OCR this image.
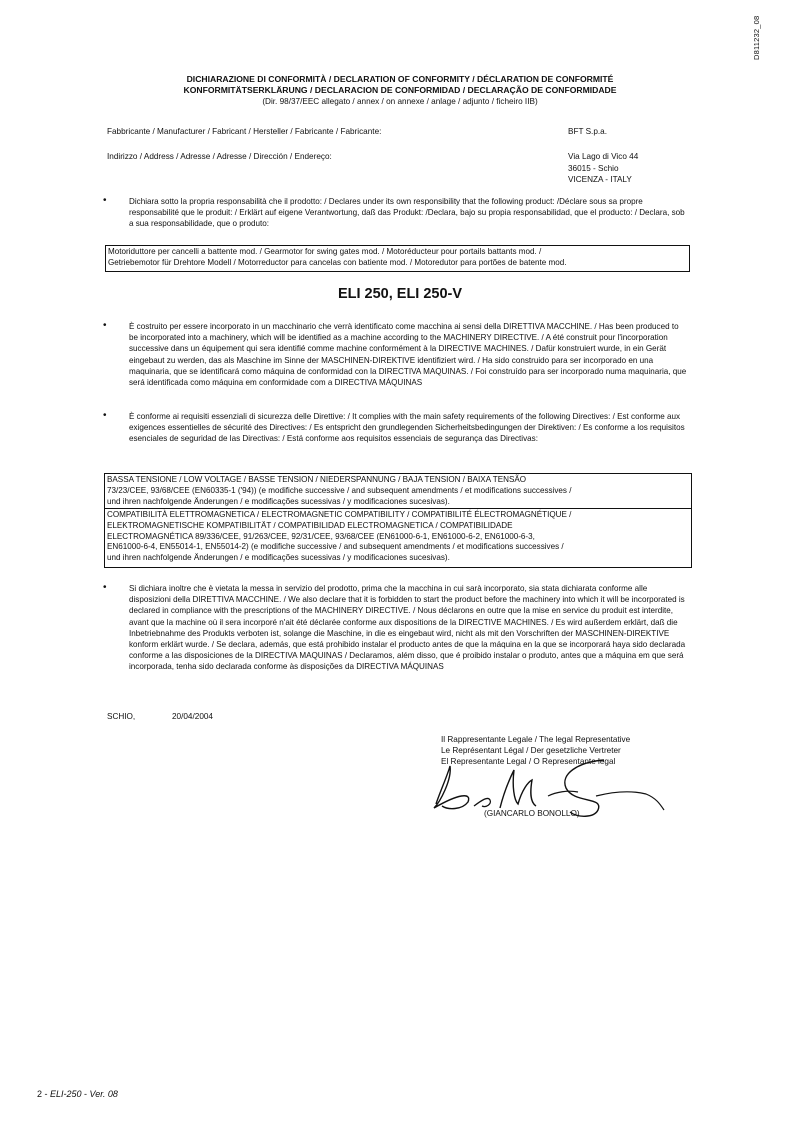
D811232_08
DICHIARAZIONE DI CONFORMITÀ / DECLARATION OF CONFORMITY / DÉCLARATION DE CONFORMITÉ
KONFORMITÄTSERKLÄRUNG / DECLARACION DE CONFORMIDAD / DECLARAÇÃO DE CONFORMIDADE
(Dir. 98/37/EEC allegato / annex / on annexe / anlage / adjunto / ficheiro IIB)
Fabbricante / Manufacturer / Fabricant / Hersteller / Fabricante / Fabricante:	BFT S.p.a.
Indirizzo / Address / Adresse / Adresse / Dirección / Endereço:	Via Lago di Vico 44
36015 - Schio
VICENZA - ITALY
•	Dichiara sotto la propria responsabilità che il prodotto: / Declares under its own responsibility that the following product: /Déclare sous sa propre responsabilité que le produit: / Erklärt auf eigene Verantwortung, daß das Produkt: /Declara, bajo su propia responsabilidad, que el producto: / Declara, sob a sua responsabilidade, que o produto:
Motoriduttore per cancelli a battente mod. / Gearmotor for swing gates mod. / Motoréducteur pour portails battants mod. /
Getriebemotor für Drehtore Modell / Motorreductor para cancelas con batiente mod. / Motoredutor para portões de batente mod.
ELI 250, ELI 250-V
•	È costruito per essere incorporato in un macchinario che verrà identificato come macchina ai sensi della DIRETTIVA MACCHINE. / Has been produced to be incorporated into a machinery, which will be identified as a machine according to the MACHINERY DIRECTIVE. / A été construit pour l'incorporation successive dans un équipement qui sera identifié comme machine conformément à la DIRECTIVE MACHINES. / Dafür konstruiert wurde, in ein Gerät eingebaut zu werden, das als Maschine im Sinne der MASCHINEN-DIREKTIVE identifiziert wird. / Ha sido construido para ser incorporado en una maquinaria, que se identificará como máquina de conformidad con la DIRECTIVA MAQUINAS. / Foi construído para ser incorporado numa maquinaria, que será identificada como máquina em conformidade com a DIRECTIVA MÁQUINAS
•	È conforme ai requisiti essenziali di sicurezza delle Direttive: / It complies with the main safety requirements of the following Directives: / Est conforme aux exigences essentielles de sécurité des Directives: / Es entspricht den grundlegenden Sicherheitsbedingungen der Direktiven: / Es conforme a los requisitos esenciales de seguridad de las Directivas: / Está conforme aos requisitos essenciais de segurança das Directivas:
BASSA TENSIONE / LOW VOLTAGE / BASSE TENSION / NIEDERSPANNUNG / BAJA TENSION / BAIXA TENSÃO
73/23/CEE, 93/68/CEE (EN60335-1 ('94)) (e modifiche successive / and subsequent amendments / et modifications successives /
und ihren nachfolgende Änderungen / e modificações sucessivas / y modificaciones sucesivas).
COMPATIBILITÀ ELETTROMAGNETICA / ELECTROMAGNETIC COMPATIBILITY / COMPATIBILITÉ ÉLECTROMAGNÉTIQUE /
ELEKTROMAGNETISCHE KOMPATIBILITÄT / COMPATIBILIDAD ELECTROMAGNETICA / COMPATIBILIDADE
ELECTROMAGNÉTICA 89/336/CEE, 91/263/CEE, 92/31/CEE, 93/68/CEE (EN61000-6-1, EN61000-6-2, EN61000-6-3,
EN61000-6-4, EN55014-1, EN55014-2) (e modifiche successive / and subsequent amendments / et modifications successives /
und ihren nachfolgende Änderungen / e modificações sucessivas / y modificaciones sucesivas).
•	Si dichiara inoltre che è vietata la messa in servizio del prodotto, prima che la macchina in cui sarà incorporato, sia stata dichiarata conforme alle disposizioni della DIRETTIVA MACCHINE. / We also declare that it is forbidden to start the product before the machinery into which it will be incorporated is declared in compliance with the prescriptions of the MACHINERY DIRECTIVE. / Nous déclarons en outre que la mise en service du produit est interdite, avant que la machine où il sera incorporé n'ait été déclarée conforme aux dispositions de la DIRECTIVE MACHINES. / Es wird außerdem erklärt, daß die Inbetriebnahme des Produkts verboten ist, solange die Maschine, in die es eingebaut wird, nicht als mit den Vorschriften der MASCHINEN-DIREKTIVE konform erklärt wurde. / Se declara, además, que está prohibido instalar el producto antes de que la máquina en la que se incorporará haya sido declarada conforme a las disposiciones de la DIRECTIVA MAQUINAS / Declaramos, além disso, que é proibido instalar o produto, antes que a máquina em que será incorporada, tenha sido declarada conforme às disposições da DIRECTIVA MÁQUINAS
SCHIO,	20/04/2004
Il Rappresentante Legale / The legal Representative
Le Représentant Légal / Der gesetzliche Vertreter
El Representante Legal / O Representante legal
(GIANCARLO BONOLLO)
2 - ELI-250 - Ver. 08
